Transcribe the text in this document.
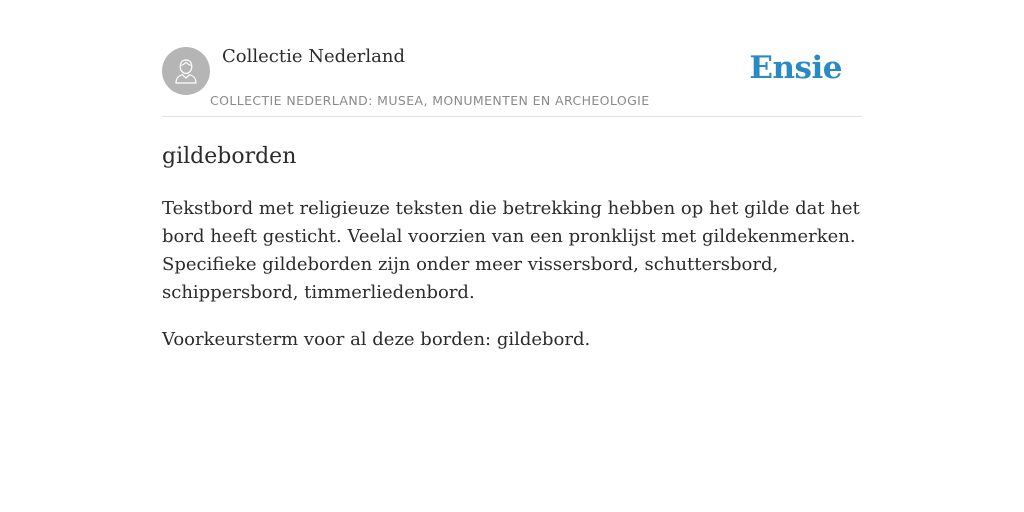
Collectie Nederland
COLLECTIE NEDERLAND: MUSEA, MONUMENTEN EN ARCHEOLOGIE
Ensie
gildeborden

Tekstbord met religieuze teksten die betrekking hebben op het gilde dat het bord heeft gesticht. Veelal voorzien van een pronklijst met gildekenmerken. Specifieke gildeborden zijn onder meer vissersbord, schuttersbord, schippersbord, timmerliedenbord.

Voorkeursterm voor al deze borden: gildebord.
